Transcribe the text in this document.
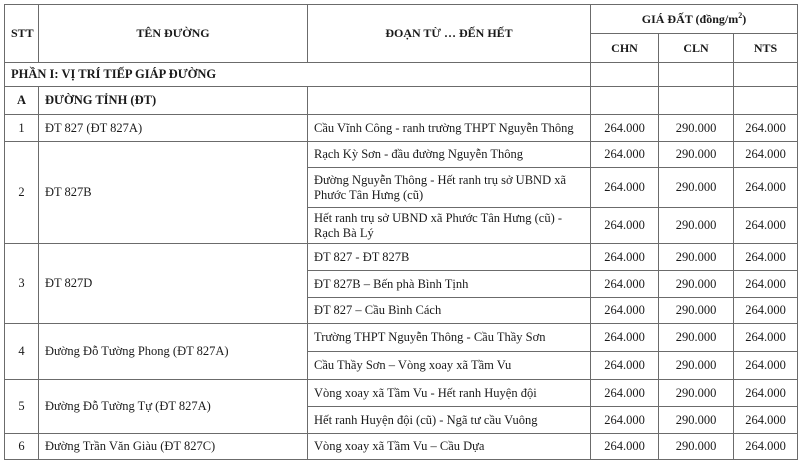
STT	TÊN ĐƯỜNG	ĐOẠN TỪ … ĐẾN HẾT	GIÁ ĐẤT $(đồng/m^2)$		
			CHN	CLN	NTS
PHẦN I: VỊ TRÍ TIẾP GIÁP ĐƯỜNG					
A	ĐƯỜNG TỈNH (ĐT)				
1	ĐT 827 (ĐT 827A)	Cầu Vĩnh Công - ranh trường THPT Nguyễn Thông	264.000	290.000	264.000
2	ĐT 827B	Rạch Kỳ Sơn - đầu đường Nguyễn Thông	264.000	290.000	264.000
		Đường Nguyễn Thông - Hết ranh trụ sở UBND xã Phước Tân Hưng (cũ)	264.000	290.000	264.000
		Hết ranh trụ sở UBND xã Phước Tân Hưng (cũ) - Rạch Bà Lý	264.000	290.000	264.000
3	ĐT 827D	ĐT 827 - ĐT 827B	264.000	290.000	264.000
		ĐT 827B – Bến phà Bình Tịnh	264.000	290.000	264.000
		ĐT 827 – Cầu Bình Cách	264.000	290.000	264.000
4	Đường Đỗ Tường Phong (ĐT 827A)	Trường THPT Nguyễn Thông - Cầu Thầy Sơn	264.000	290.000	264.000
		Cầu Thầy Sơn – Vòng xoay xã Tầm Vu	264.000	290.000	264.000
5	Đường Đỗ Tường Tự (ĐT 827A)	Vòng xoay xã Tầm Vu - Hết ranh Huyện đội	264.000	290.000	264.000
		Hết ranh Huyện đội (cũ) - Ngã tư cầu Vuông	264.000	290.000	264.000
6	Đường Trần Văn Giàu (ĐT 827C)	Vòng xoay xã Tầm Vu – Cầu Dựa	264.000	290.000	264.000
